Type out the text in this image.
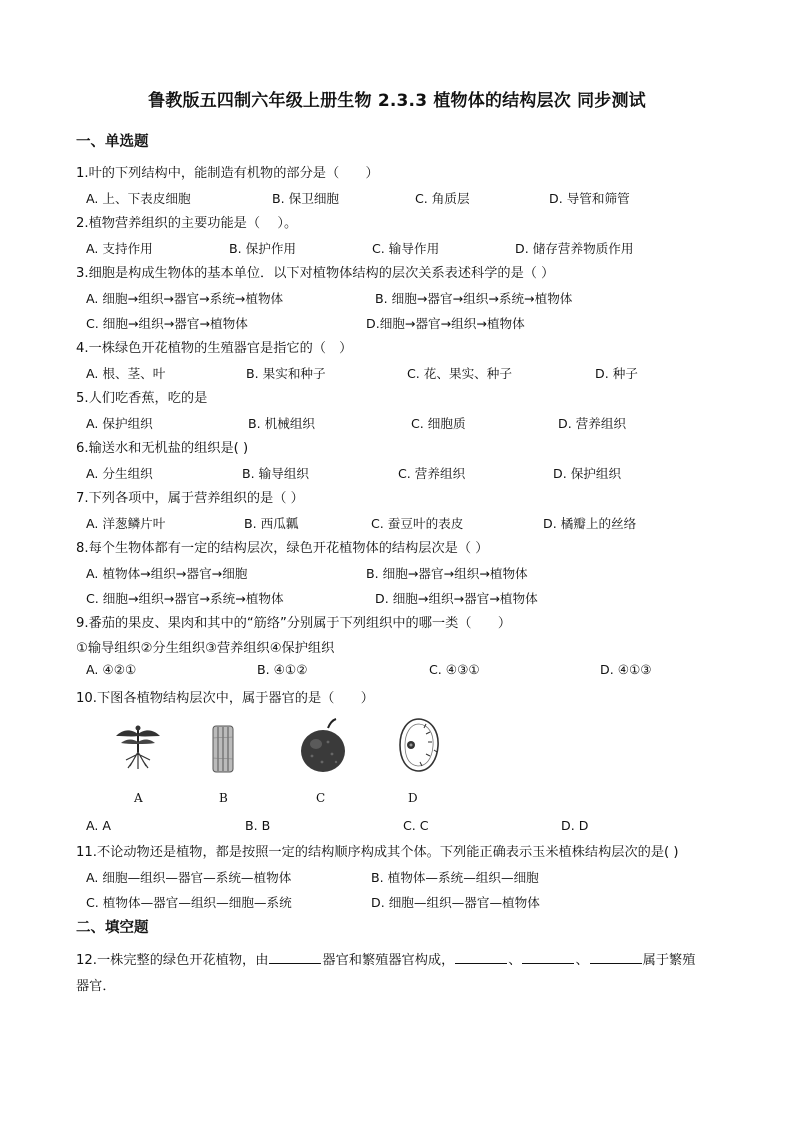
鲁教版五四制六年级上册生物 2.3.3 植物体的结构层次 同步测试
一、单选题
1.叶的下列结构中，能制造有机物的部分是（　　）
A. 上、下表皮细胞	B. 保卫细胞	C. 角质层	D. 导管和筛管
2.植物营养组织的主要功能是（　 ）。
A. 支持作用	B. 保护作用	C. 输导作用	D. 储存营养物质作用
3.细胞是构成生物体的基本单位．以下对植物体结构的层次关系表述科学的是（ ）
A. 细胞→组织→器官→系统→植物体	B. 细胞→器官→组织→系统→植物体
C. 细胞→组织→器官→植物体	D.细胞→器官→组织→植物体
4.一株绿色开花植物的生殖器官是指它的（　）
A. 根、茎、叶	B. 果实和种子	C. 花、果实、种子	D. 种子
5.人们吃香蕉，吃的是
A. 保护组织	B. 机械组织	C. 细胞质	D. 营养组织
6.输送水和无机盐的组织是( )
A. 分生组织	B. 输导组织	C. 营养组织	D. 保护组织
7.下列各项中，属于营养组织的是（ ）
A. 洋葱鳞片叶	B. 西瓜瓤	C. 蚕豆叶的表皮	D. 橘瓣上的丝络
8.每个生物体都有一定的结构层次，绿色开花植物体的结构层次是（ ）
A. 植物体→组织→器官→细胞	B. 细胞→器官→组织→植物体
C. 细胞→组织→器官→系统→植物体	D. 细胞→组织→器官→植物体
9.番茄的果皮、果肉和其中的“筋络”分别属于下列组织中的哪一类（　　）
①输导组织②分生组织③营养组织④保护组织
A. ④②①	B. ④①②	C. ④③①	D. ④①③
10.下图各植物结构层次中，属于器官的是（　　）
A	B	C	D
A. A	B. B	C. C	D. D
11.不论动物还是植物，都是按照一定的结构顺序构成其个体。下列能正确表示玉米植株结构层次的是( )
A. 细胞—组织—器官—系统—植物体	B. 植物体—系统—组织—细胞
C. 植物体—器官—组织—细胞—系统	D. 细胞—组织—器官—植物体
二、填空题
12.一株完整的绿色开花植物，由	器官和繁殖器官构成，	、	、	属于繁殖
器官．
